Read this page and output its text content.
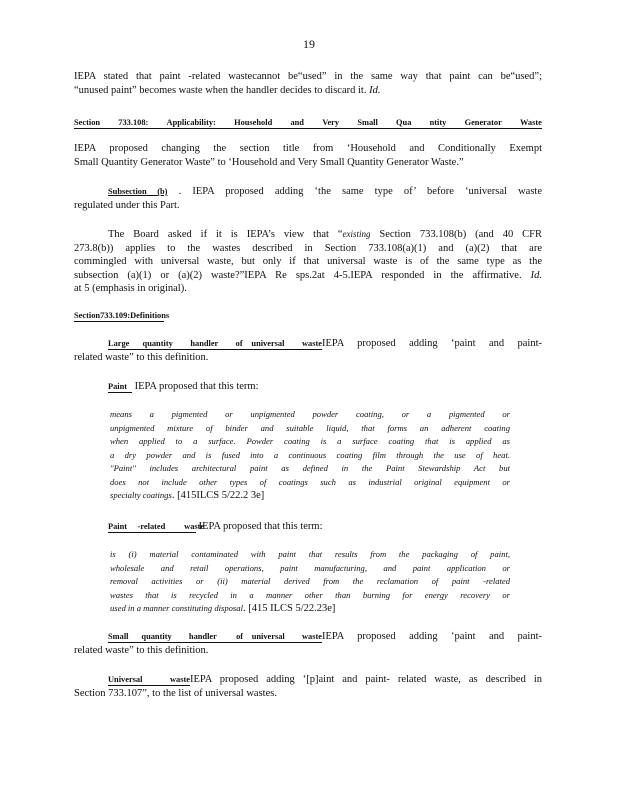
19
IEPA stated that paint -related wastecannot be“used” in the same way that paint can be“used”;
“unused paint” becomes waste when the handler decides to discard it. Id.
Section 733.108: Applicability: Household and Very Small Qua ntity Generator Waste
IEPA proposed changing the section title from ‘Household and Conditionally Exempt
Small Quantity Generator Waste” to ‘Household and Very Small Quantity Generator Waste.”
Subsection (b) . IEPA proposed adding ‘the same type of’ before ‘universal waste
regulated under this Part.
The Board asked if it is IEPA’s view that “existing Section 733.108(b) (and 40 CFR
273.8(b)) applies to the wastes described in Section 733.108(a)(1) and (a)(2) that are
commingled with universal waste, but only if that universal waste is of the same type as the
subsection (a)(1) or (a)(2) waste?”IEPA Re sps.2at 4-5.IEPA responded in the affirmative. Id.
at 5 (emphasis in original).
Section 733.109: Definitions
Large      quantity        handler        of    universal        wasteIEPA proposed adding ‘paint and paint-
related waste” to this definition.
Paint IEPA proposed that this term:
means a pigmented or unpigmented powder coating, or a pigmented or
unpigmented mixture of binder and suitable liquid, that forms an adherent coating
when applied to a surface. Powder coating is a surface coating that is applied as
a dry powder and is fused into a continuous coating film through the use of heat.
"Paint" includes architectural paint as defined in the Paint Stewardship Act but
does not include other types of coatings such as industrial original equipment or
specialty coatings. [415ILCS 5/22.2 3e]
Paint     -related         waste IEPA proposed that this term:
is (i) material contaminated with paint that results from the packaging of paint,
wholesale and retail operations, paint manufacturing, and paint application or
removal activities or (ii) material derived from the reclamation of paint -related
wastes that is recycled in a manner other than burning for energy recovery or
used in a manner constituting disposal. [415 ILCS 5/22.23e]
Small      quantity        handler         of    universal        wasteIEPA proposed adding ‘paint and paint-
related waste” to this definition.
Universal        wasteIEPA proposed adding ‘[p]aint and paint- related waste, as described in
Section 733.107”, to the list of universal wastes.
